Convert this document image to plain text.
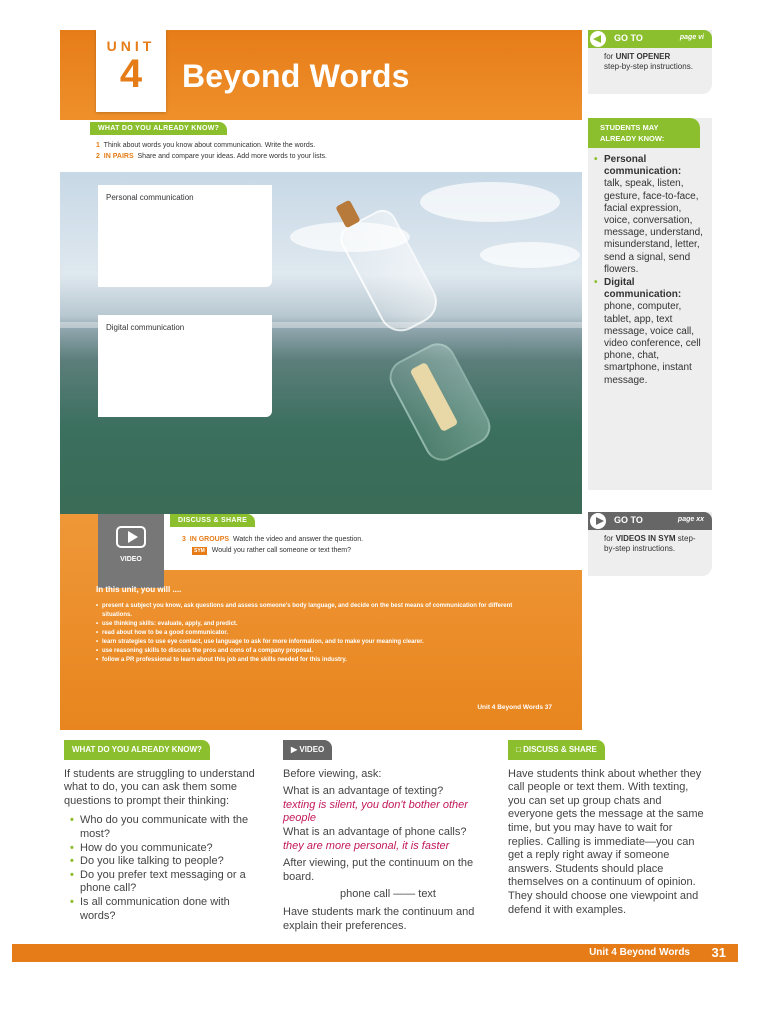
UNIT
4	Beyond Words
WHAT DO YOU ALREADY KNOW?
1 Think about words you know about communication. Write the words.
2 IN PAIRS Share and compare your ideas. Add more words to your lists.
Personal communication
Digital communication
VIDEO
DISCUSS & SHARE
3 IN GROUPS Watch the video and answer the question.
SYM Would you rather call someone or text them?
In this unit, you will ....
• present a subject you know, ask questions and assess someone's body language, and decide on the best means of communication for different situations.
• use thinking skills: evaluate, apply, and predict.
• read about how to be a good communicator.
• learn strategies to use eye contact, use language to ask for more information, and to make your meaning clearer.
• use reasoning skills to discuss the pros and cons of a company proposal.
• follow a PR professional to learn about this job and the skills needed for this industry.
Unit 4 Beyond Words 37
GO TO	page vi
for UNIT OPENER
step-by-step instructions.
STUDENTS MAY ALREADY KNOW:
• Personal communication:
talk, speak, listen, gesture, face-to-face, facial expression, voice, conversation, message, understand, misunderstand, letter, send a signal, send flowers.
• Digital communication:
phone, computer, tablet, app, text message, voice call, video conference, cell phone, chat, smartphone, instant message.
GO TO	page xx
for VIDEOS IN SYM step-by-step instructions.
WHAT DO YOU ALREADY KNOW?

If students are struggling to understand what to do, you can ask them some questions to prompt their thinking:

• Who do you communicate with the most?
• How do you communicate?
• Do you like talking to people?
• Do you prefer text messaging or a phone call?
• Is all communication done with words?
▶ VIDEO

Before viewing, ask:

What is an advantage of texting?
texting is silent, you don't bother other people
What is an advantage of phone calls?
they are more personal, it is faster

After viewing, put the continuum on the board.

phone call —— text

Have students mark the continuum and explain their preferences.

□ DISCUSS & SHARE

Have students think about whether they call people or text them. With texting, you can set up group chats and everyone gets the message at the same time, but you may have to wait for replies. Calling is immediate—you can get a reply right away if someone answers. Students should place themselves on a continuum of opinion. They should choose one viewpoint and defend it with examples.

Unit 4 Beyond Words 31
